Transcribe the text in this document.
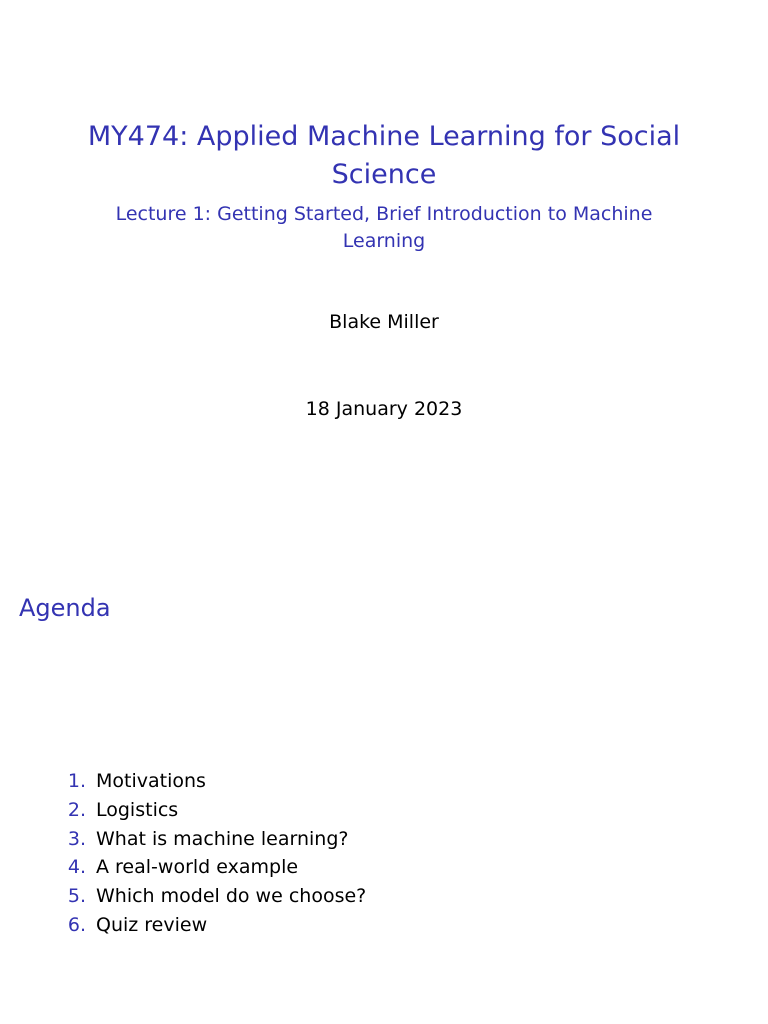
MY474: Applied Machine Learning for Social Science
Lecture 1: Getting Started, Brief Introduction to Machine Learning
Blake Miller
18 January 2023
Agenda
1. Motivations
2. Logistics
3. What is machine learning?
4. A real-world example
5. Which model do we choose?
6. Quiz review
